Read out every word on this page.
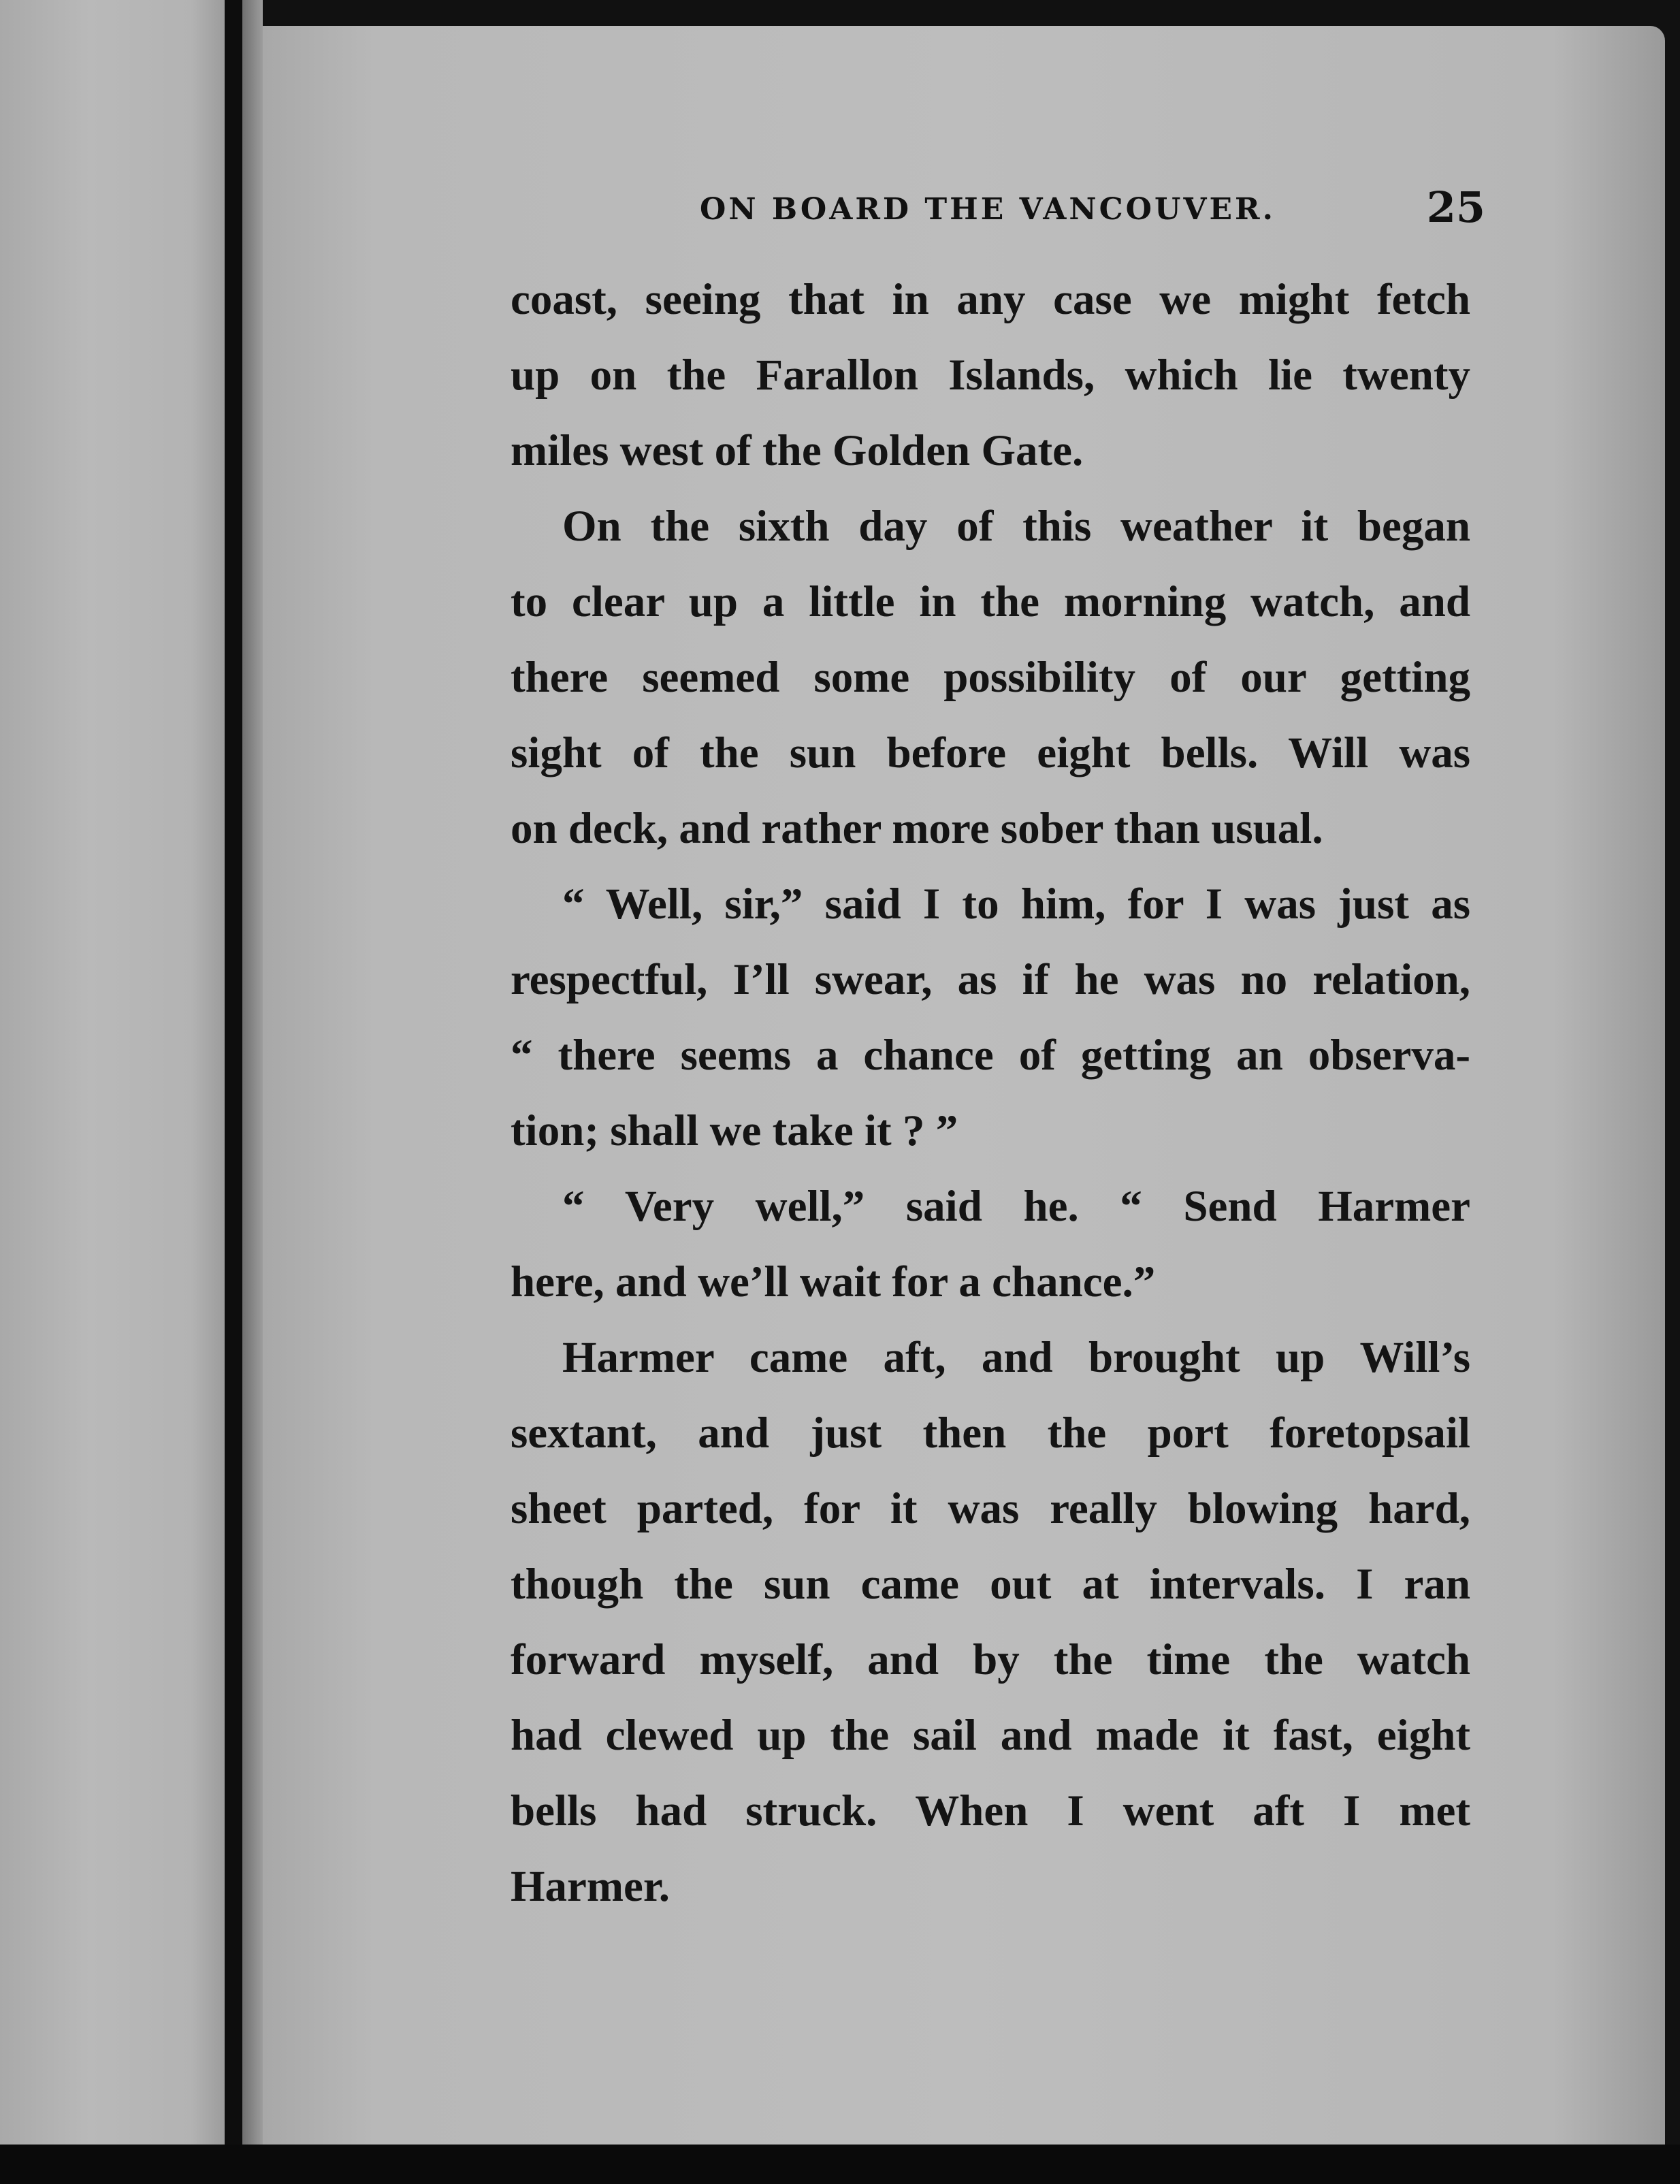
ON BOARD THE VANCOUVER.	25
coast, seeing that in any case we might fetch
up on the Farallon Islands, which lie twenty
miles west of the Golden Gate.
On the sixth day of this weather it began
to clear up a little in the morning watch, and
there seemed some possibility of our getting
sight of the sun before eight bells. Will was
on deck, and rather more sober than usual.
“ Well, sir,” said I to him, for I was just as
respectful, I’ll swear, as if he was no relation,
“ there seems a chance of getting an observa-
tion; shall we take it ? ”
“ Very well,” said he. “ Send Harmer
here, and we’ll wait for a chance.”
Harmer came aft, and brought up Will’s
sextant, and just then the port foretopsail
sheet parted, for it was really blowing hard,
though the sun came out at intervals. I ran
forward myself, and by the time the watch
had clewed up the sail and made it fast, eight
bells had struck. When I went aft I met
Harmer.
